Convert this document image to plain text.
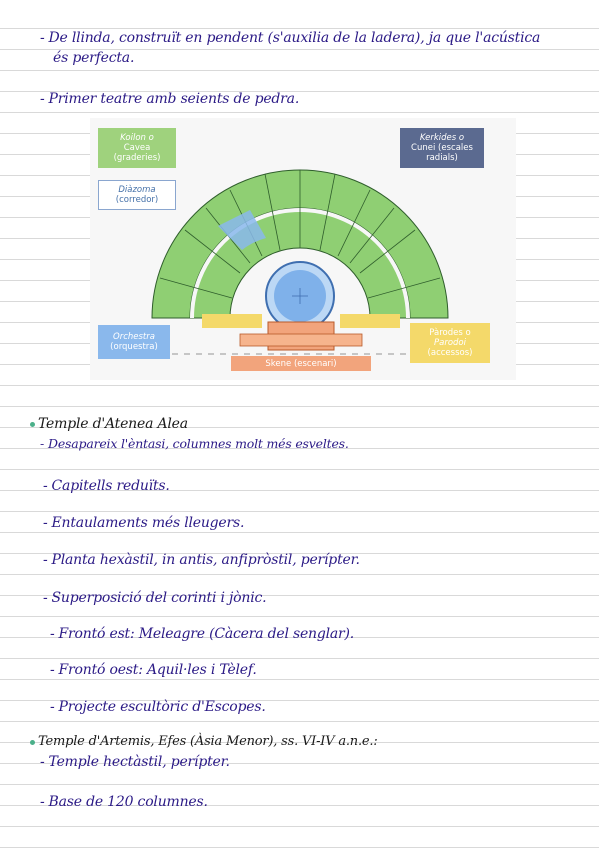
- De llinda, construït en pendent (s'auxilia de la ladera), ja que l'acústica
és perfecta.
- Primer teatre amb seients de pedra.
Koilon o
Cavea
(graderies)
Kerkides o
Cunei (escales
radials)
Diàzoma
(corredor)
Orchestra
(orquestra)
Pàrodes o
Parodoi
(accessos)
Skene (escenari)
Temple d'Atenea Alea
- Desapareix l'èntasi, columnes molt més esveltes.
- Capitells reduïts.
- Entaulaments més lleugers.
- Planta hexàstil, in antis, anfipròstil, perípter.
- Superposició del corinti i jònic.
- Frontó est: Meleagre (Càcera del senglar).
- Frontó oest: Aquil·les i Tèlef.
- Projecte escultòric d'Escopes.
Temple d'Artemis, Efes (Àsia Menor), ss. VI-IV a.n.e.:
- Temple hectàstil, perípter.
- Base de 120 columnes.
